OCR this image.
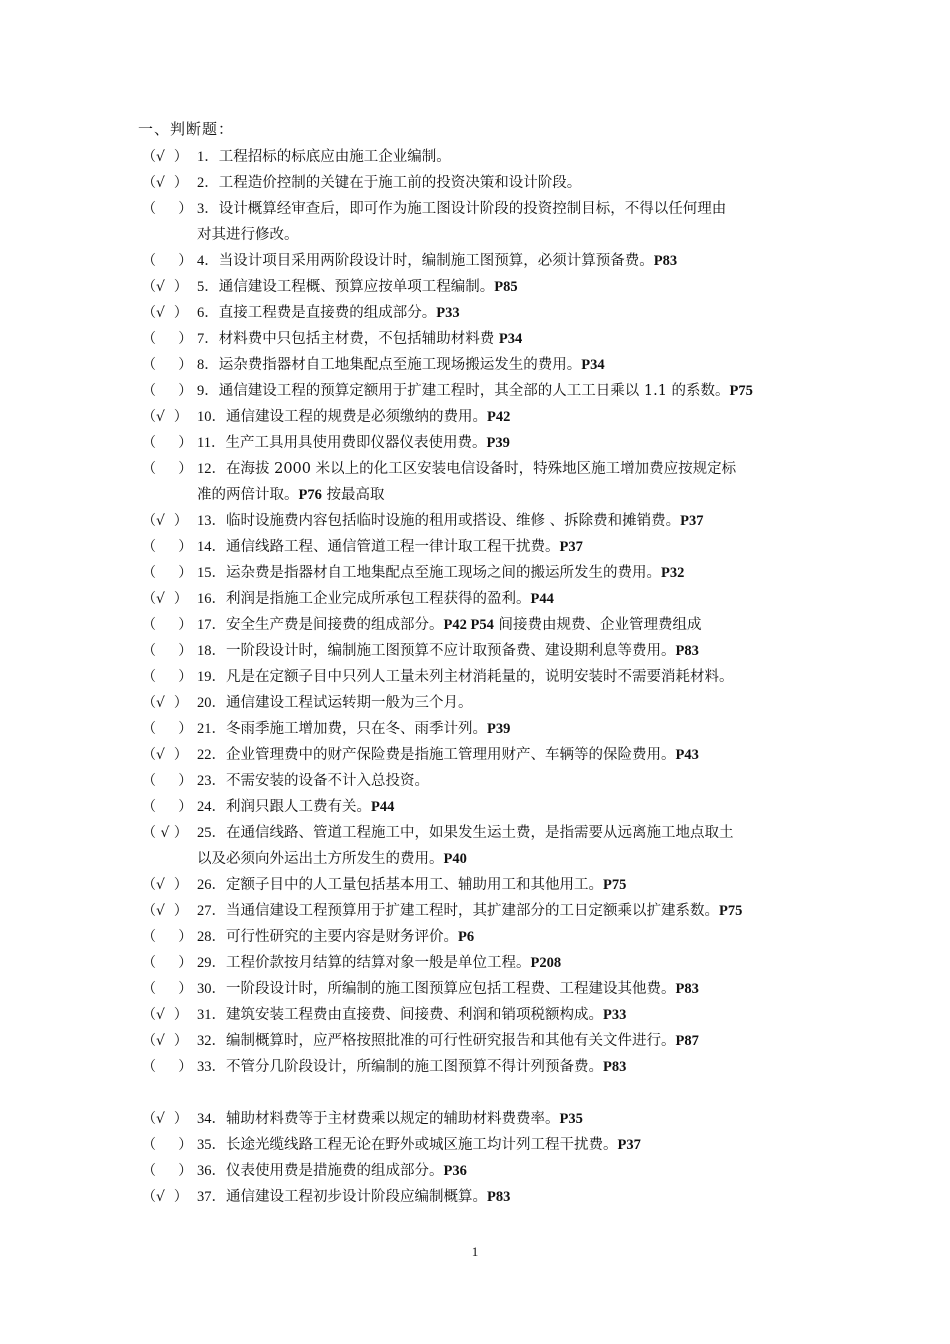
一、判断题：
（√  ） 1．工程招标的标底应由施工企业编制。
（√  ） 2．工程造价控制的关键在于施工前的投资决策和设计阶段。
（     ） 3．设计概算经审查后，即可作为施工图设计阶段的投资控制目标，不得以任何理由
对其进行修改。
（     ） 4．当设计项目采用两阶段设计时，编制施工图预算，必须计算预备费。P83
（√  ） 5．通信建设工程概、预算应按单项工程编制。P85
（√  ） 6．直接工程费是直接费的组成部分。P33
（     ） 7．材料费中只包括主材费，不包括辅助材料费 P34
（     ） 8．运杂费指器材自工地集配点至施工现场搬运发生的费用。P34
（     ） 9．通信建设工程的预算定额用于扩建工程时，其全部的人工工日乘以 1.1 的系数。P75
（√  ） 10．通信建设工程的规费是必须缴纳的费用。P42
（     ） 11．生产工具用具使用费即仪器仪表使用费。P39
（     ） 12．在海拔 2000 米以上的化工区安装电信设备时，特殊地区施工增加费应按规定标
准的两倍计取。P76 按最高取
（√  ） 13．临时设施费内容包括临时设施的租用或搭设、维修 、拆除费和摊销费。P37
（     ） 14．通信线路工程、通信管道工程一律计取工程干扰费。P37
（     ） 15．运杂费是指器材自工地集配点至施工现场之间的搬运所发生的费用。P32
（√  ） 16．利润是指施工企业完成所承包工程获得的盈利。P44
（     ） 17．安全生产费是间接费的组成部分。P42 P54 间接费由规费、企业管理费组成
（     ） 18．一阶段设计时，编制施工图预算不应计取预备费、建设期利息等费用。P83
（     ） 19．凡是在定额子目中只列人工量未列主材消耗量的，说明安装时不需要消耗材料。
（√  ） 20．通信建设工程试运转期一般为三个月。
（     ） 21．冬雨季施工增加费，只在冬、雨季计列。P39
（√  ） 22．企业管理费中的财产保险费是指施工管理用财产、车辆等的保险费用。P43
（     ） 23．不需安装的设备不计入总投资。
（     ） 24．利润只跟人工费有关。P44
（ √ ） 25．在通信线路、管道工程施工中，如果发生运土费，是指需要从远离施工地点取土
以及必须向外运出土方所发生的费用。P40
（√  ） 26．定额子目中的人工量包括基本用工、辅助用工和其他用工。P75
（√  ） 27．当通信建设工程预算用于扩建工程时，其扩建部分的工日定额乘以扩建系数。P75
（     ） 28．可行性研究的主要内容是财务评价。P6
（     ） 29．工程价款按月结算的结算对象一般是单位工程。P208
（     ） 30．一阶段设计时，所编制的施工图预算应包括工程费、工程建设其他费。P83
（√  ） 31．建筑安装工程费由直接费、间接费、利润和销项税额构成。P33
（√  ） 32．编制概算时，应严格按照批准的可行性研究报告和其他有关文件进行。P87
（     ） 33．不管分几阶段设计，所编制的施工图预算不得计列预备费。P83
（√  ） 34．辅助材料费等于主材费乘以规定的辅助材料费费率。P35
（     ） 35．长途光缆线路工程无论在野外或城区施工均计列工程干扰费。P37
（     ） 36．仪表使用费是措施费的组成部分。P36
（√  ） 37．通信建设工程初步设计阶段应编制概算。P83
1
